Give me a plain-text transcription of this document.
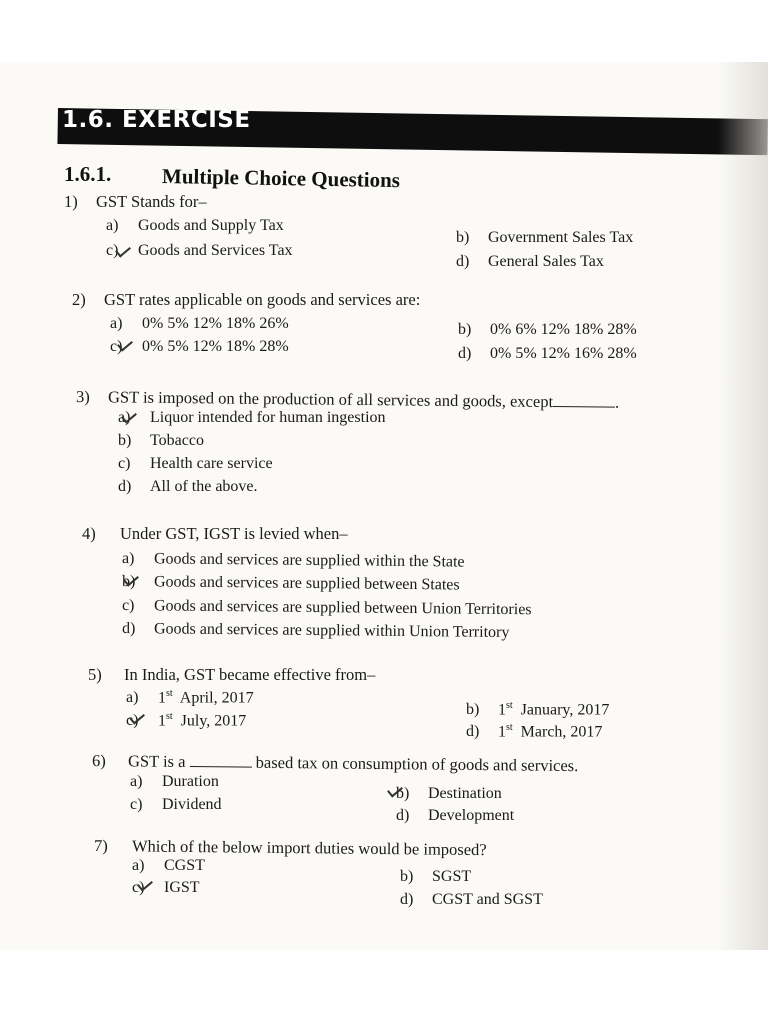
1.6. EXERCISE
1.6.1. Multiple Choice Questions
1) GST Stands for–
a) Goods and Supply Tax
b) Government Sales Tax
c) Goods and Services Tax
d) General Sales Tax
2) GST rates applicable on goods and services are:
a) 0% 5% 12% 18% 26%	b) 0% 6% 12% 18% 28%
c) 0% 5% 12% 18% 28%	d) 0% 5% 12% 16% 28%
3) GST is imposed on the production of all services and goods, except	.
a) Liquor intended for human ingestion
b) Tobacco
c) Health care service
d) All of the above.
4) Under GST, IGST is levied when–
a) Goods and services are supplied within the State
b) Goods and services are supplied between States
c) Goods and services are supplied between Union Territories
d) Goods and services are supplied within Union Territory
5) In India, GST became effective from–
a) 1st April, 2017
b) 1st January, 2017
c) 1st July, 2017
d) 1st March, 2017
6) GST is a	based tax on consumption of goods and services.
a) Duration
b) Destination
c) Dividend
d) Development
7) Which of the below import duties would be imposed?
a) CGST
b) SGST
c) IGST
d) CGST and SGST
